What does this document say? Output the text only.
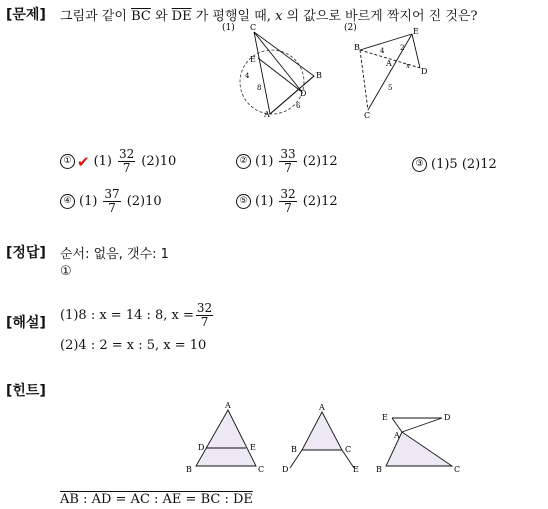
[문제] 그림과 같이 $\overline{BC}$ 와 $\overline{DE}$ 가 평행일 때, x 의 값으로 바르게 짝지어 진 것은?
(1) C
E
B
D
A
4
8
6
(2)	E
B
A
D
C
4 2
x
5
① ✔ $(1) \frac{32}{7} (2)10$	② $(1) \frac{33}{7} (2)12$	③ (1)5 (2)12
④ $(1) \frac{37}{7} (2)10$	⑤ $(1) \frac{32}{7} (2)12$
[정답] 순서: 없음, 갯수: 1
①
[해설] (1)8 : x = 14 : 8, $x = \frac{32}{7}$
(2)4 : 2 = x : 5, x = 10
[힌트]
A
D	E
B	C
A
B	C
D	E
E	D
A
B	C
AB : AD = AC : AE = BC : DE
